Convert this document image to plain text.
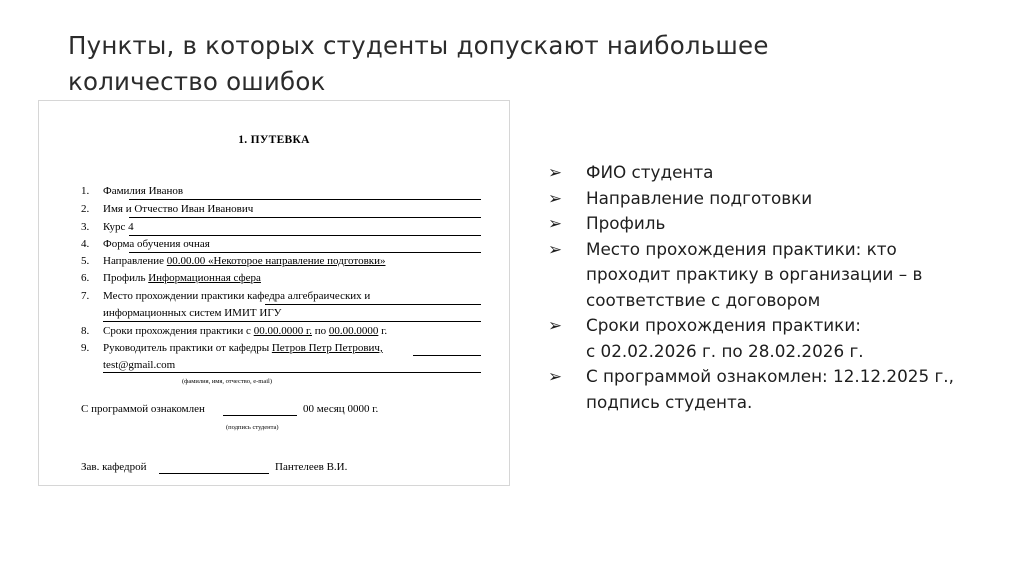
Пункты, в которых студенты допускают наибольшее
количество ошибок
1. ПУТЕВКА
1.	Фамилия Иванов
2.	Имя и Отчество Иван Иванович
3.	Курс 4
4.	Форма обучения очная
5.	Направление 00.00.00 «Некоторое направление подготовки»
6.	Профиль Информационная сфера
7.	Место прохождении практики кафедра алгебраических и
информационных систем ИМИТ ИГУ
8.	Сроки прохождения практики с 00.00.0000 г. по 00.00.0000 г.
9.	Руководитель практики от кафедры Петров Петр Петрович,
test@gmail.com
(фамилия, имя, отчество, e-mail)
С программой ознакомлен	00 месяц 0000 г.
(подпись студента)
Зав. кафедрой	Пантелеев В.И.
➢	ФИО студента
➢	Направление подготовки
➢	Профиль
➢	Место прохождения практики: кто
проходит практику в организации – в
соответствие с договором
➢	Сроки прохождения практики:
с 02.02.2026 г. по 28.02.2026 г.
➢	С программой ознакомлен: 12.12.2025 г.,
подпись студента.
